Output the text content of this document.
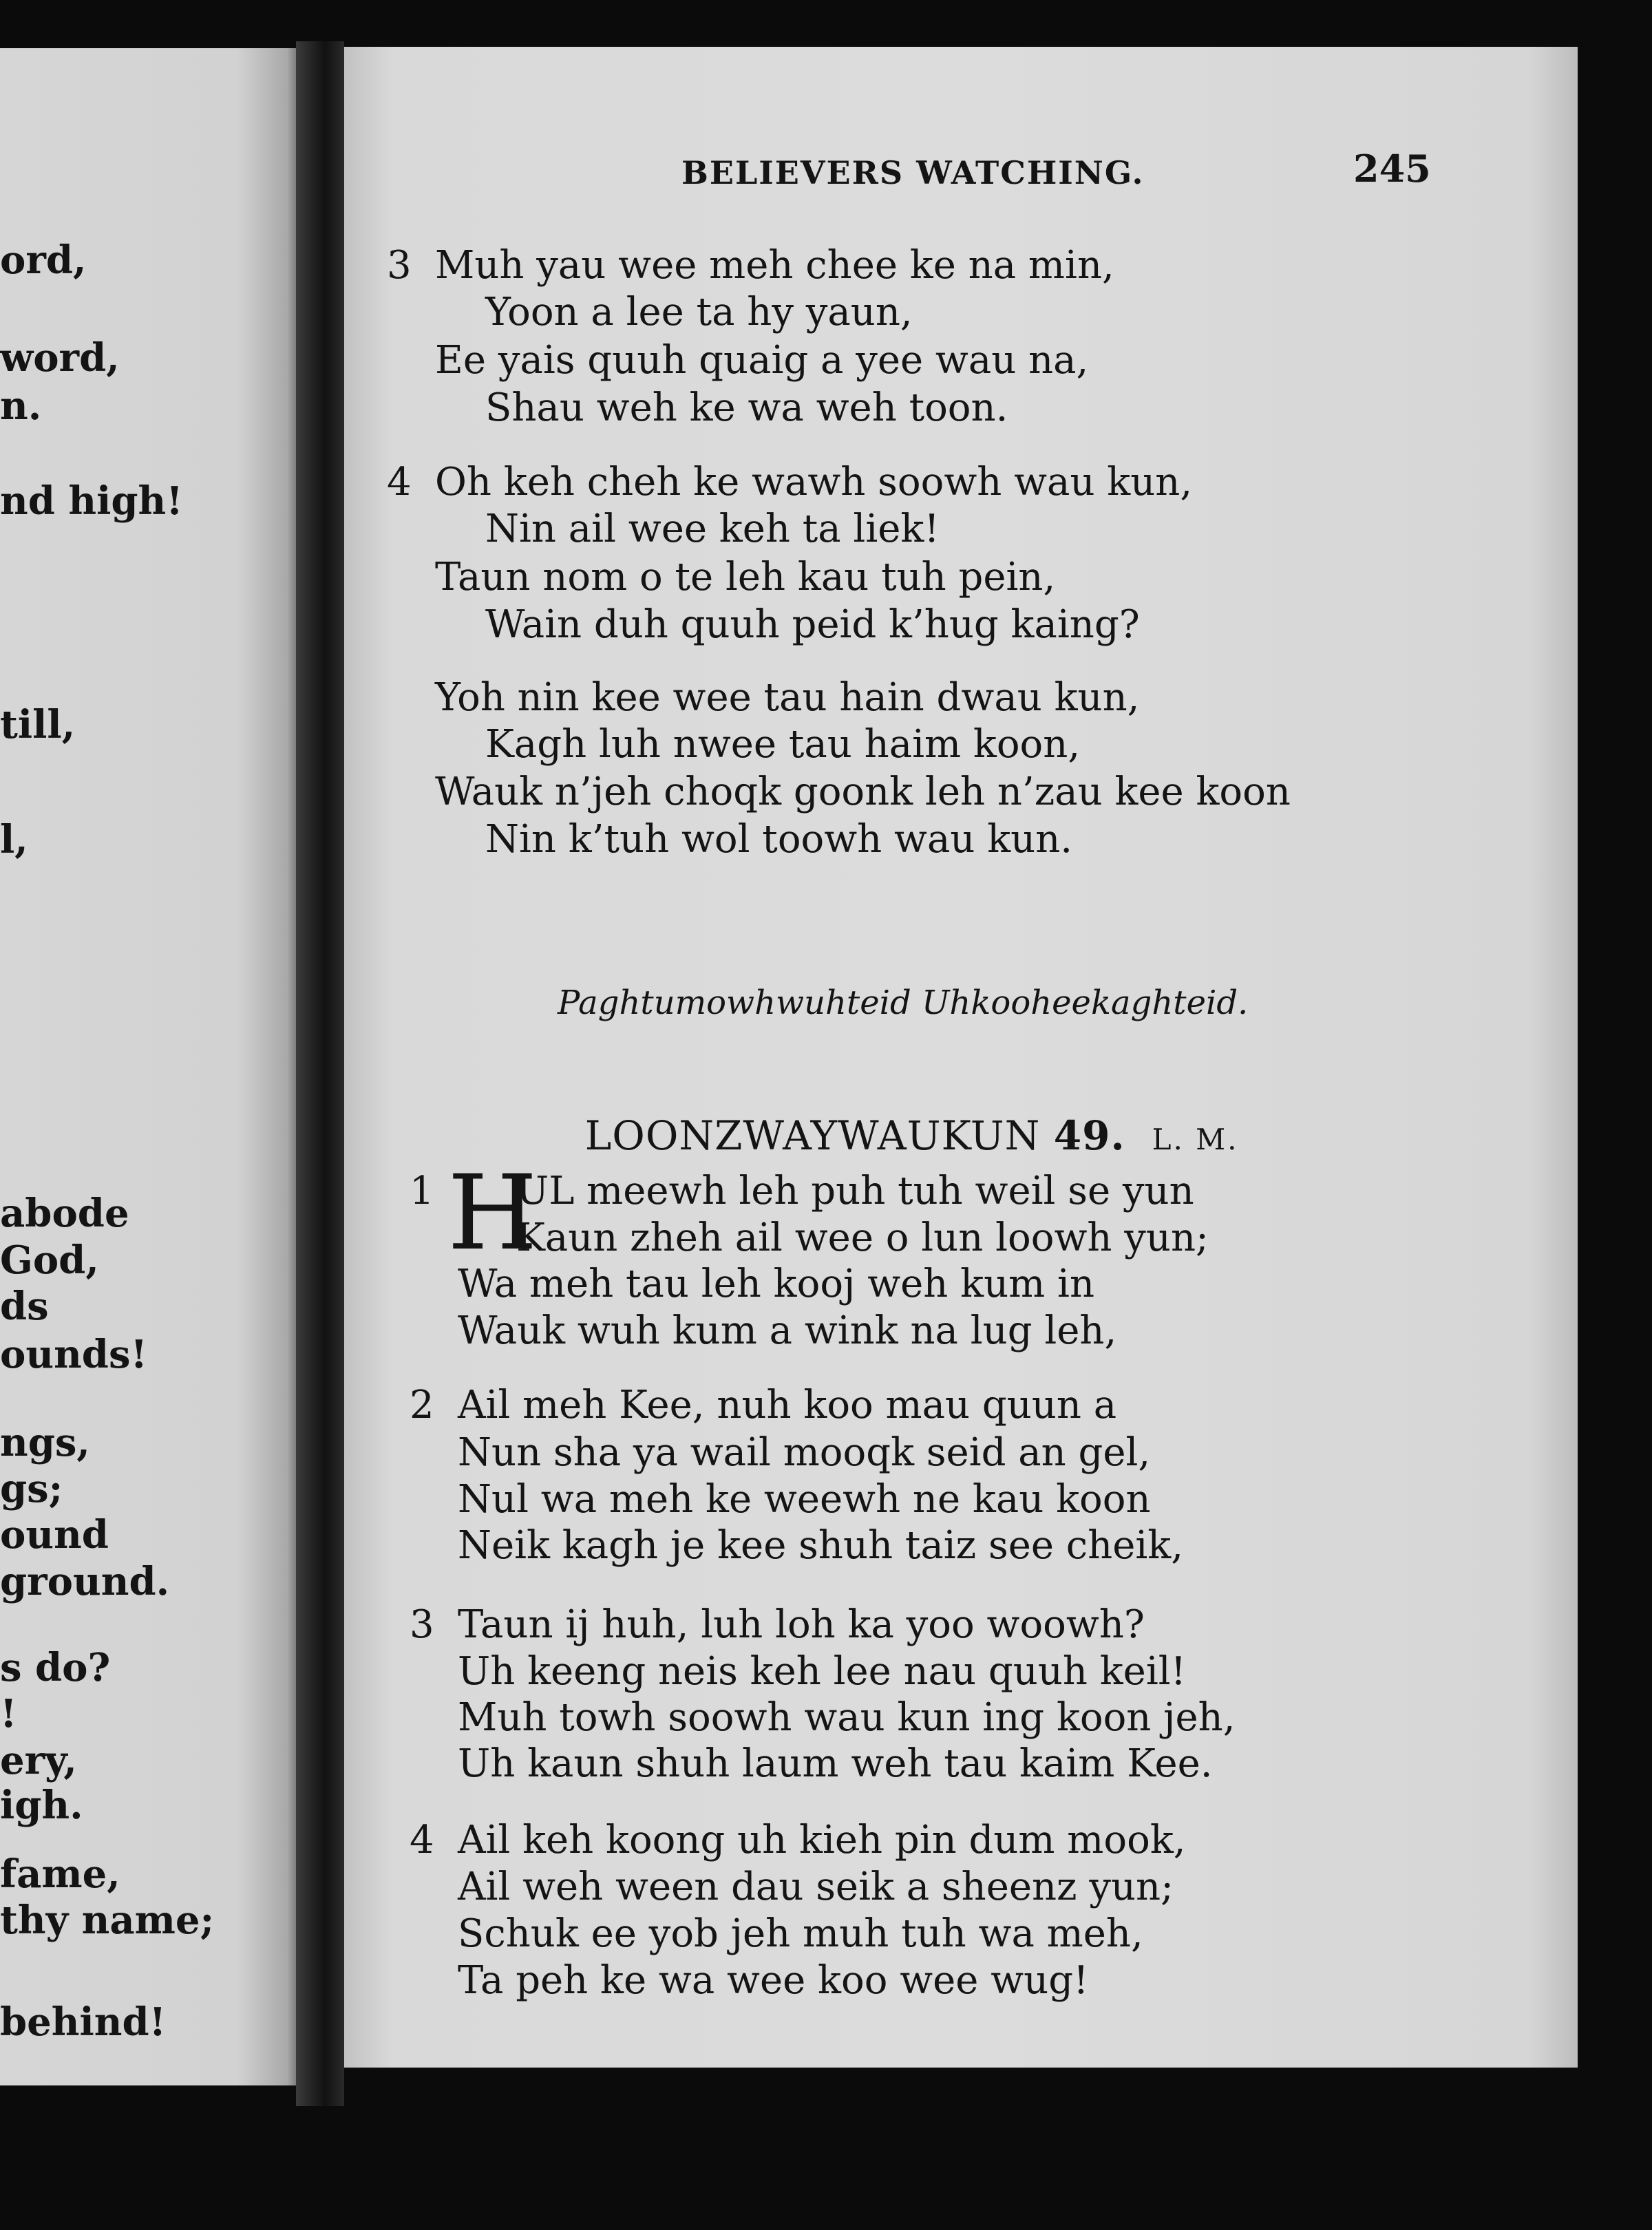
ord,
word,
n.
nd high!
till,
l,
abode
God,
ds
ounds!
ngs,
gs;
ound
ground.
s do?
!
ery,
igh.
fame,
thy name;
behind!
BELIEVERS WATCHING.	245
3 Muh yau wee meh chee ke na min,
Yoon a lee ta hy yaun,
Ee yais quuh quaig a yee wau na,
Shau weh ke wa weh toon.
4 Oh keh cheh ke wawh soowh wau kun,
Nin ail wee keh ta liek!
Taun nom o te leh kau tuh pein,
Wain duh quuh peid k’hug kaing?
Yoh nin kee wee tau hain dwau kun,
Kagh luh nwee tau haim koon,
Wauk n’jeh choqk goonk leh n’zau kee koon
Nin k’tuh wol toowh wau kun.
Paghtumowhwuhteid Uhkooheekaghteid.

LOONZWAYWAUKUN 49. L. M.

1 H
UL meewh leh puh tuh weil se yun
Kaun zheh ail wee o lun loowh yun;
Wa meh tau leh kooj weh kum in
Wauk wuh kum a wink na lug leh,
2 Ail meh Kee, nuh koo mau quun a
Nun sha ya wail mooqk seid an gel,
Nul wa meh ke weewh ne kau koon
Neik kagh je kee shuh taiz see cheik,
3 Taun ij huh, luh loh ka yoo woowh?
Uh keeng neis keh lee nau quuh keil!
Muh towh soowh wau kun ing koon jeh,
Uh kaun shuh laum weh tau kaim Kee.
4 Ail keh koong uh kieh pin dum mook,
Ail weh ween dau seik a sheenz yun;
Schuk ee yob jeh muh tuh wa meh,
Ta peh ke wa wee koo wee wug!
